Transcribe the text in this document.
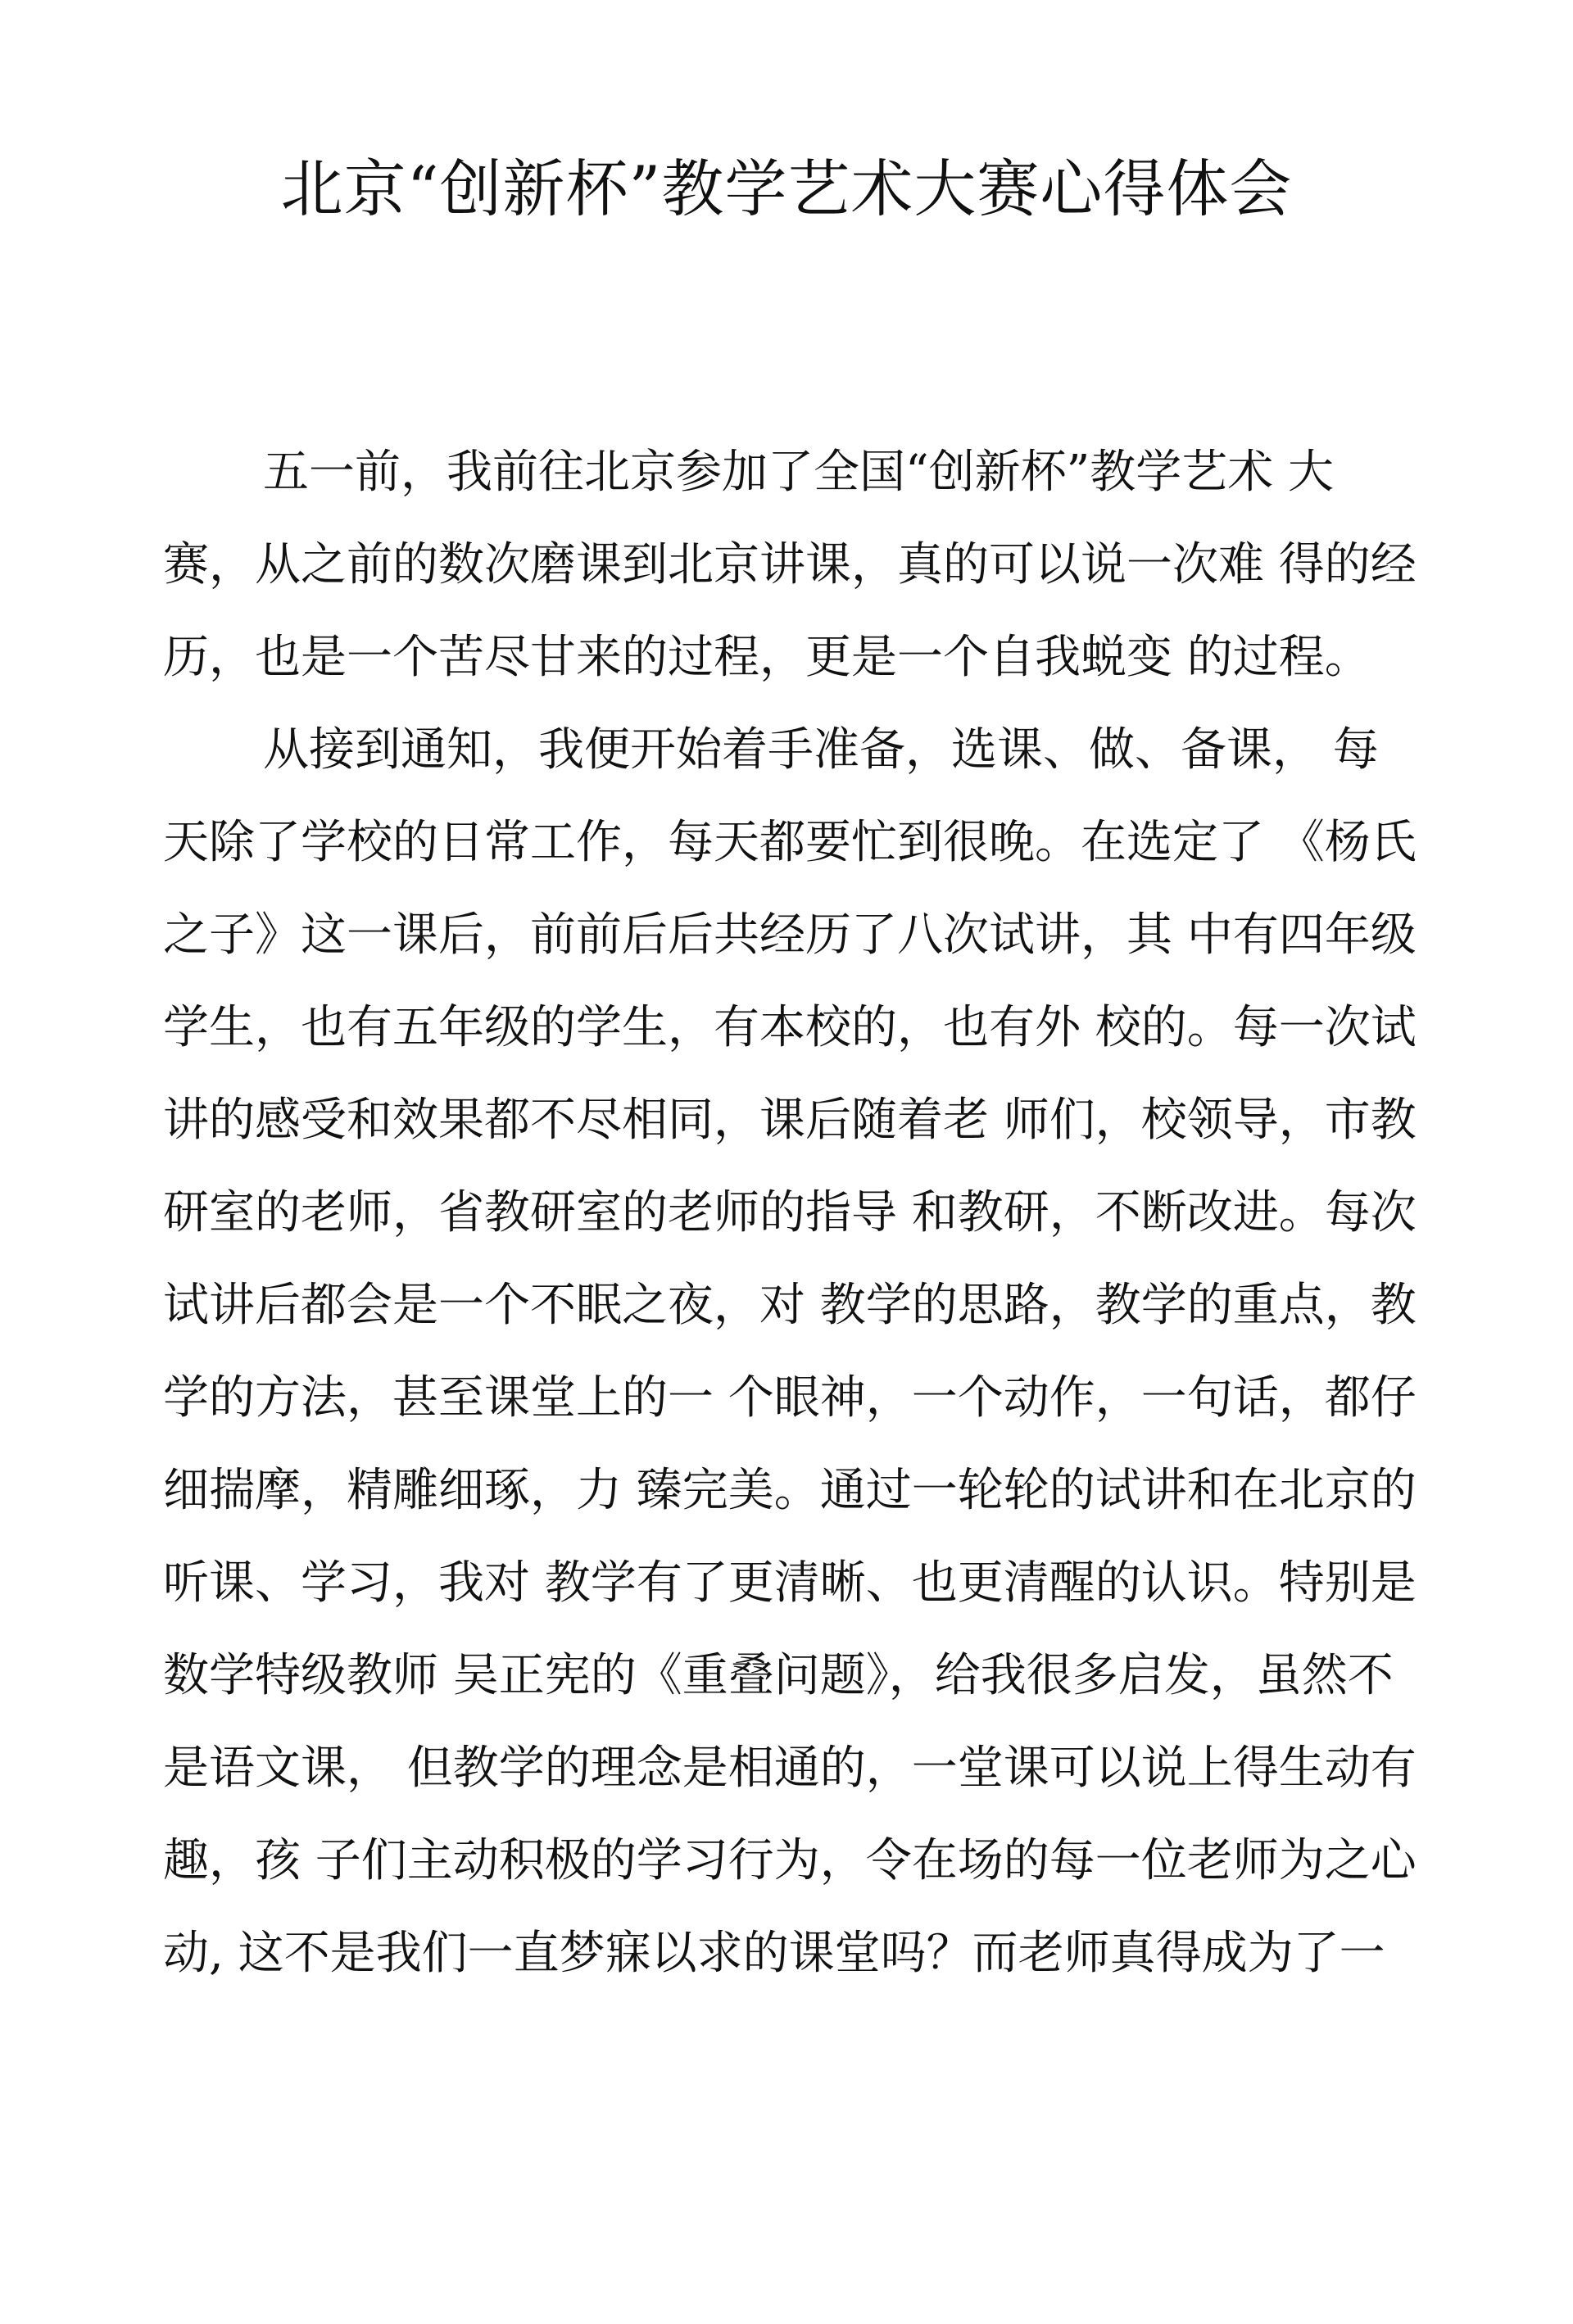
北京“创新杯”教学艺术大赛心得体会
五一前，我前往北京参加了全国“创新杯”教学艺术 大
赛，从之前的数次磨课到北京讲课，真的可以说一次难 得的经
历，也是一个苦尽甘来的过程，更是一个自我蜕变 的过程。
从接到通知，我便开始着手准备，选课、做、备课， 每
天除了学校的日常工作，每天都要忙到很晚。在选定了 《杨氏
之子》这一课后，前前后后共经历了八次试讲，其 中有四年级
学生，也有五年级的学生，有本校的，也有外 校的。每一次试
讲的感受和效果都不尽相同，课后随着老 师们，校领导，市教
研室的老师，省教研室的老师的指导 和教研，不断改进。每次
试讲后都会是一个不眠之夜，对 教学的思路，教学的重点，教
学的方法，甚至课堂上的一 个眼神，一个动作，一句话，都仔
细揣摩，精雕细琢，力 臻完美。通过一轮轮的试讲和在北京的
听课、学习，我对 教学有了更清晰、也更清醒的认识。特别是
数学特级教师 吴正宪的《重叠问题》，给我很多启发，虽然不
是语文课， 但教学的理念是相通的，一堂课可以说上得生动有
趣，孩 子们主动积极的学习行为，令在场的每一位老师为之心
动, 这不是我们一直梦寐以求的课堂吗？而老师真得成为了一
